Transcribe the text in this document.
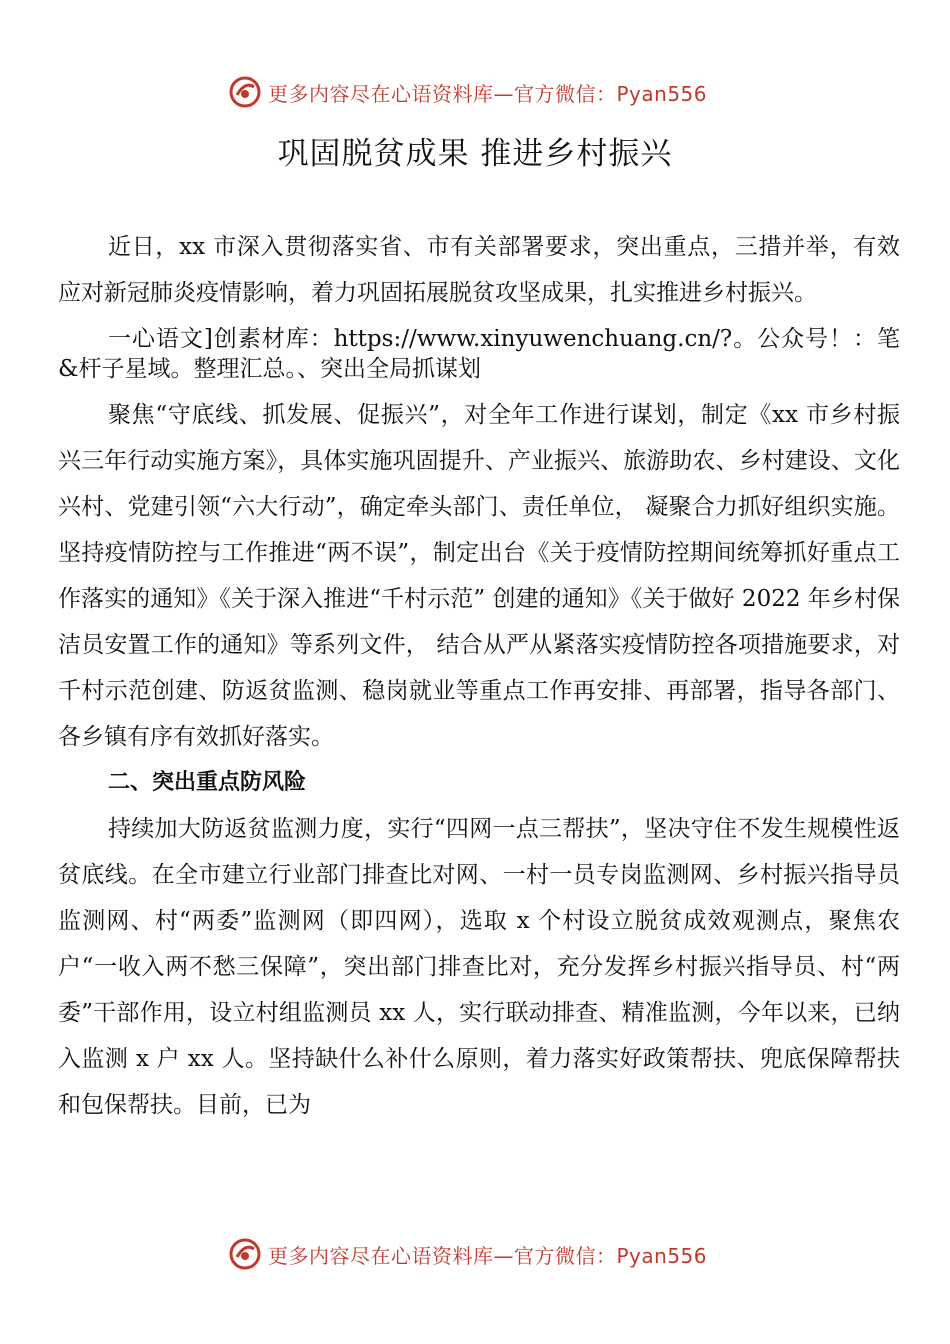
更多内容尽在心语资料库—官方微信：Pyan556
巩固脱贫成果 推进乡村振兴

近日，xx 市深入贯彻落实省、市有关部署要求，突出重点，三措并举，有效应对新冠肺炎疫情影响，着力巩固拓展脱贫攻坚成果，扎实推进乡村振兴。

一心语文]创素材库：https://www.xinyuwenchuang.cn/?。公众号！：笔&杆子星域。整理汇总。、突出全局抓谋划

聚焦“守底线、抓发展、促振兴”，对全年工作进行谋划，制定《xx 市乡村振兴三年行动实施方案》，具体实施巩固提升、产业振兴、旅游助农、乡村建设、文化兴村、党建引领“六大行动”，确定牵头部门、责任单位， 凝聚合力抓好组织实施。坚持疫情防控与工作推进“两不误”，制定出台《关于疫情防控期间统筹抓好重点工作落实的通知》《关于深入推进“千村示范” 创建的通知》《关于做好 2022 年乡村保洁员安置工作的通知》等系列文件， 结合从严从紧落实疫情防控各项措施要求，对千村示范创建、防返贫监测、稳岗就业等重点工作再安排、再部署，指导各部门、各乡镇有序有效抓好落实。

二、突出重点防风险

持续加大防返贫监测力度，实行“四网一点三帮扶”，坚决守住不发生规模性返贫底线。在全市建立行业部门排查比对网、一村一员专岗监测网、乡村振兴指导员监测网、村“两委”监测网（即四网），选取 x 个村设立脱贫成效观测点，聚焦农户“一收入两不愁三保障”，突出部门排查比对，充分发挥乡村振兴指导员、村“两委”干部作用，设立村组监测员 xx 人，实行联动排查、精准监测，今年以来，已纳入监测 x 户 xx 人。坚持缺什么补什么原则，着力落实好政策帮扶、兜底保障帮扶和包保帮扶。目前，已为

更多内容尽在心语资料库—官方微信：Pyan556
